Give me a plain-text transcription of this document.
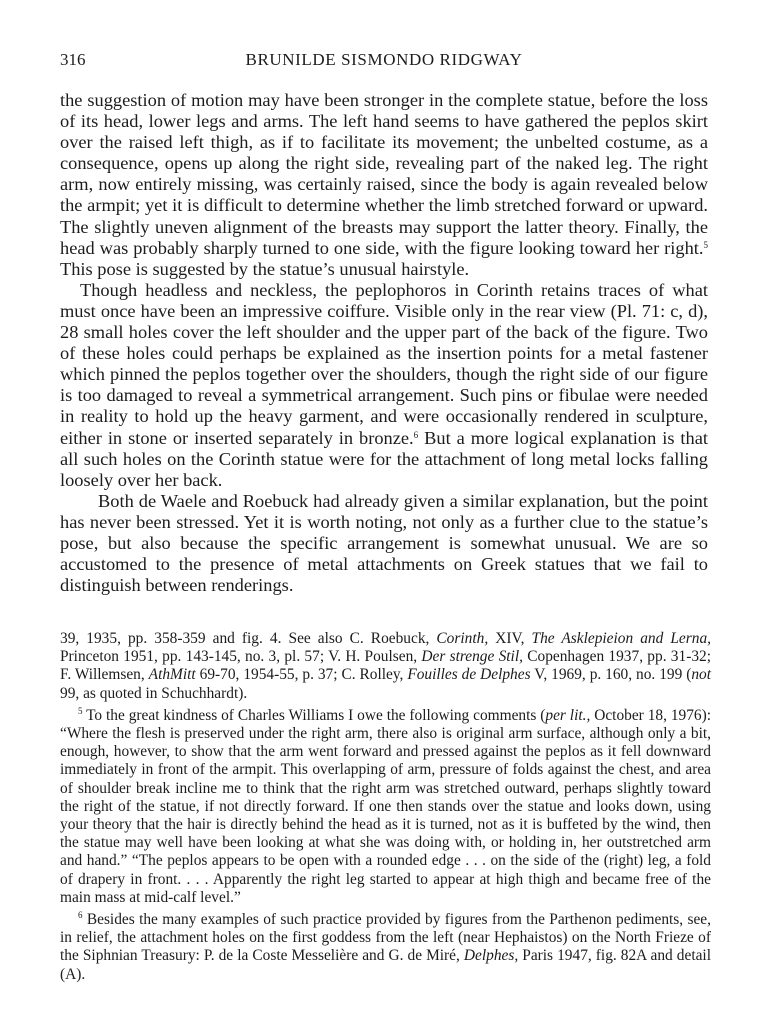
316	BRUNILDE SISMONDO RIDGWAY

the suggestion of motion may have been stronger in the complete statue, before the loss of its head, lower legs and arms. The left hand seems to have gathered the peplos skirt over the raised left thigh, as if to facilitate its movement; the unbelted costume, as a consequence, opens up along the right side, revealing part of the naked leg. The right arm, now entirely missing, was certainly raised, since the body is again revealed below the armpit; yet it is difficult to determine whether the limb stretched forward or upward. The slightly uneven alignment of the breasts may support the latter theory. Finally, the head was probably sharply turned to one side, with the figure looking toward her right.$^5$ This pose is suggested by the statue’s unusual hairstyle.

Though headless and neckless, the peplophoros in Corinth retains traces of what must once have been an impressive coiffure. Visible only in the rear view (Pl. 71: c, d), 28 small holes cover the left shoulder and the upper part of the back of the figure. Two of these holes could perhaps be explained as the insertion points for a metal fastener which pinned the peplos together over the shoulders, though the right side of our figure is too damaged to reveal a symmetrical arrangement. Such pins or fibulae were needed in reality to hold up the heavy garment, and were occasionally rendered in sculpture, either in stone or inserted separately in bronze.$^6$ But a more logical explanation is that all such holes on the Corinth statue were for the attachment of long metal locks falling loosely over her back.

Both de Waele and Roebuck had already given a similar explanation, but the point has never been stressed. Yet it is worth noting, not only as a further clue to the statue’s pose, but also because the specific arrangement is somewhat unusual. We are so accustomed to the presence of metal attachments on Greek statues that we fail to distinguish between renderings.

39, 1935, pp. 358-359 and fig. 4. See also C. Roebuck, Corinth, XIV, The Asklepieion and Lerna, Princeton 1951, pp. 143-145, no. 3, pl. 57; V. H. Poulsen, Der strenge Stil, Copenhagen 1937, pp. 31-32; F. Willemsen, AthMitt 69-70, 1954-55, p. 37; C. Rolley, Fouilles de Delphes V, 1969, p. 160, no. 199 (not 99, as quoted in Schuchhardt).

$^5$ To the great kindness of Charles Williams I owe the following comments (per lit., October 18, 1976): “Where the flesh is preserved under the right arm, there also is original arm surface, although only a bit, enough, however, to show that the arm went forward and pressed against the peplos as it fell downward immediately in front of the armpit. This overlapping of arm, pressure of folds against the chest, and area of shoulder break incline me to think that the right arm was stretched outward, perhaps slightly toward the right of the statue, if not directly forward. If one then stands over the statue and looks down, using your theory that the hair is directly behind the head as it is turned, not as it is buffeted by the wind, then the statue may well have been looking at what she was doing with, or holding in, her outstretched arm and hand.” “The peplos appears to be open with a rounded edge . . . on the side of the (right) leg, a fold of drapery in front. . . . Apparently the right leg started to appear at high thigh and became free of the main mass at mid-calf level.”

$^6$ Besides the many examples of such practice provided by figures from the Parthenon pediments, see, in relief, the attachment holes on the first goddess from the left (near Hephaistos) on the North Frieze of the Siphnian Treasury: P. de la Coste Messelière and G. de Miré, Delphes, Paris 1947, fig. 82A and detail (A).
